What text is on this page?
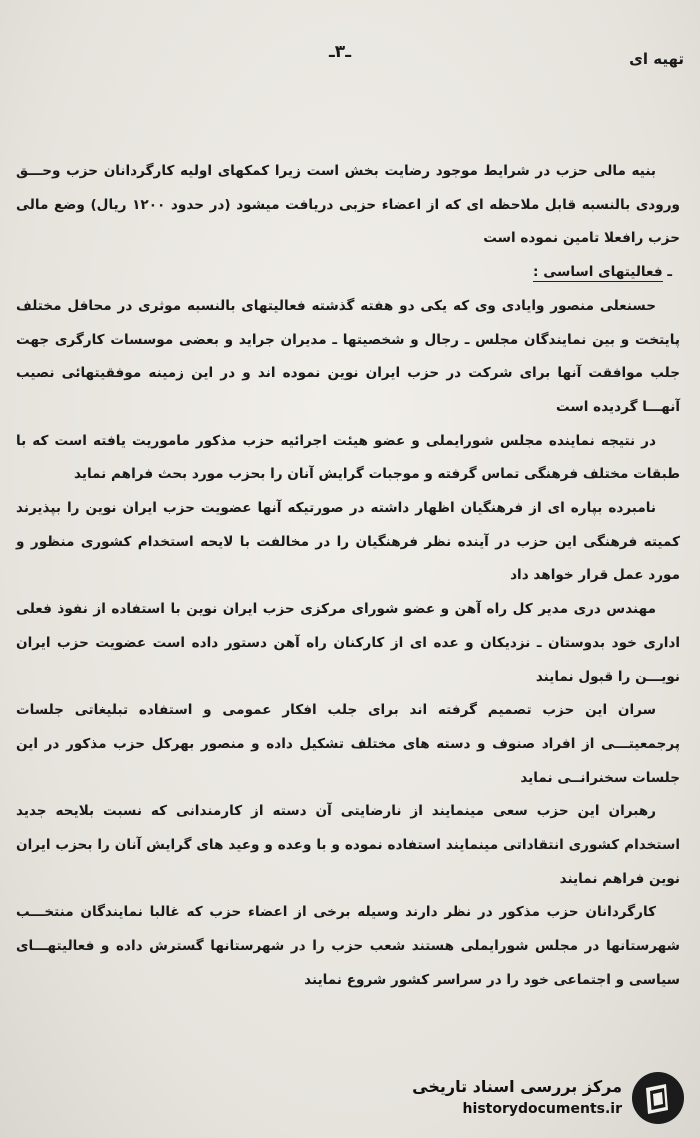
تهیه ای
ـ۳ـ

بنیه مالی حزب در شرایط موجود رضایت بخش است زیرا کمکهای اولیه کارگردانان حزب وحـــق ورودی بالنسبه قابل ملاحظه ای که از اعضاء حزبی دریافت میشود (در حدود ۱۲۰۰ ریال) وضع مالی حزب رافعلا تامین نموده است

ـ فعالیتهای اساسی :

حسنعلی منصور وایادی وی که یکی دو هفته گذشته فعالیتهای بالنسبه موثری در محافل مختلف پایتخت و بین نمایندگان مجلس ـ رجال و شخصیتها ـ مدیران جراید و بعضی موسسات کارگری جهت جلب موافقت آنها برای شرکت در حزب ایران نوین نموده اند و در این زمینه موفقیتهائی نصیب آنهـــا گردیده است

در نتیجه نماینده مجلس شورایملی و عضو هیئت اجرائیه حزب مذکور ماموریت یافته است که با طبقات مختلف فرهنگی تماس گرفته و موجبات گرایش آنان را بحزب مورد بحث فراهم نماید

نامبرده بپاره ای از فرهنگیان اظهار داشته در صورتیکه آنها عضویت حزب ایران نوین را بپذیرند کمیته فرهنگی این حزب در آینده نظر فرهنگیان را در مخالفت با لایحه استخدام کشوری منظور و مورد عمل قرار خواهد داد

مهندس دری مدیر کل راه آهن و عضو شورای مرکزی حزب ایران نوین با استفاده از نفوذ فعلی اداری خود بدوستان ـ نزدیکان و عده ای از کارکنان راه آهن دستور داده است عضویت حزب ایران نویـــن را قبول نمایند

سران این حزب تصمیم گرفته اند برای جلب افکار عمومی و استفاده تبلیغاتی جلسات پرجمعیتـــی از افراد صنوف و دسته های مختلف تشکیل داده و منصور بهرکل حزب مذکور در این جلسات سخنرانــی نماید

رهبران این حزب سعی مینمایند از نارضایتی آن دسته از کارمندانی که نسبت بلایحه جدید استخدام کشوری انتقاداتی مینمایند استفاده نموده و با وعده و وعید های گرایش آنان را بحزب ایران نوین فراهم نمایند

کارگردانان حزب مذکور در نظر دارند وسیله برخی از اعضاء حزب که غالبا نمایندگان منتخـــب شهرستانها در مجلس شورایملی هستند شعب حزب را در شهرستانها گسترش داده و فعالیتهـــای سیاسی و اجتماعی خود را در سراسر کشور شروع نمایند

مرکز بررسی اسناد تاریخی
historydocuments.ir
